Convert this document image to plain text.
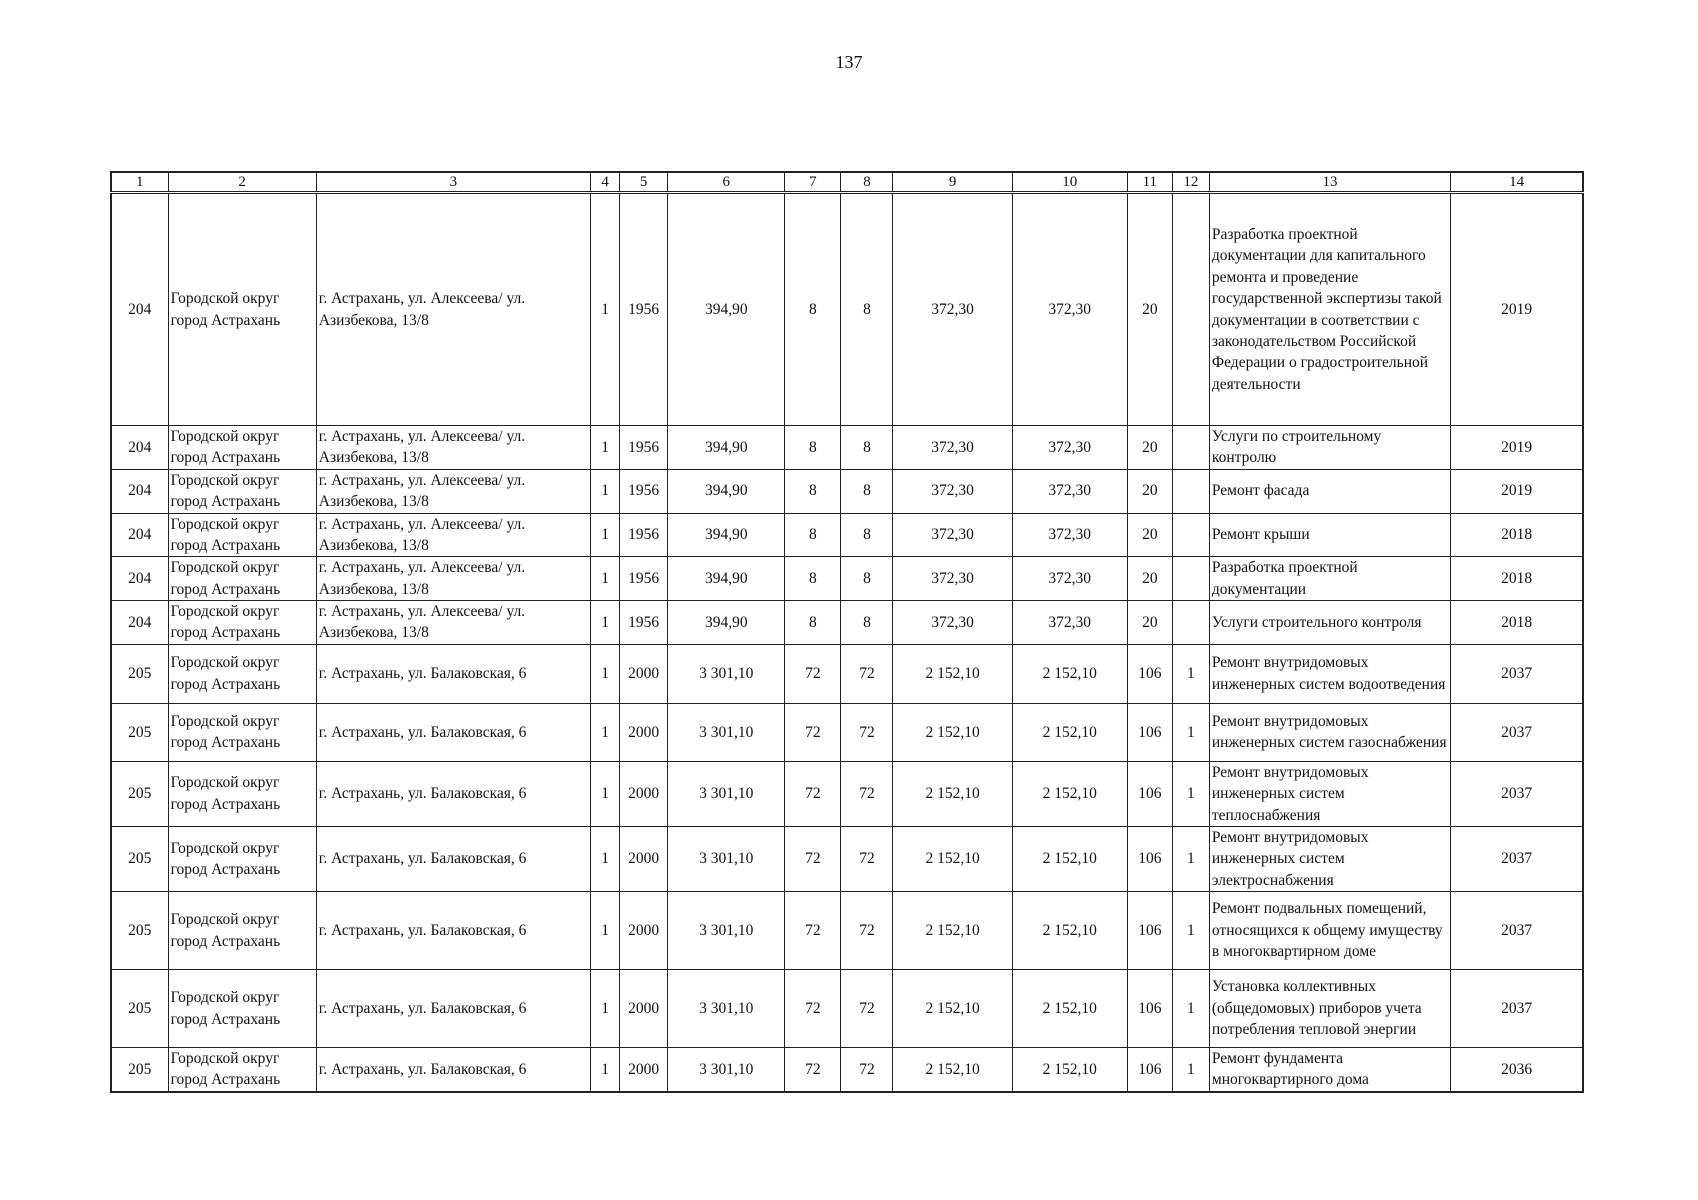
137
1	2	3	4	5	6	7	8	9	10	11	12	13	14
204	Городской округ город Астрахань	г. Астрахань, ул. Алексеева/ ул. Азизбекова, 13/8	1	1956	394,90	8	8	372,30	372,30	20		Разработка проектной документации для капитального ремонта и проведение государственной экспертизы такой документации в соответствии с законодательством Российской Федерации о градостроительной деятельности	2019
204	Городской округ город Астрахань	г. Астрахань, ул. Алексеева/ ул. Азизбекова, 13/8	1	1956	394,90	8	8	372,30	372,30	20		Услуги по строительному контролю	2019
204	Городской округ город Астрахань	г. Астрахань, ул. Алексеева/ ул. Азизбекова, 13/8	1	1956	394,90	8	8	372,30	372,30	20		Ремонт фасада	2019
204	Городской округ город Астрахань	г. Астрахань, ул. Алексеева/ ул. Азизбекова, 13/8	1	1956	394,90	8	8	372,30	372,30	20		Ремонт крыши	2018
204	Городской округ город Астрахань	г. Астрахань, ул. Алексеева/ ул. Азизбекова, 13/8	1	1956	394,90	8	8	372,30	372,30	20		Разработка проектной документации	2018
204	Городской округ город Астрахань	г. Астрахань, ул. Алексеева/ ул. Азизбекова, 13/8	1	1956	394,90	8	8	372,30	372,30	20		Услуги строительного контроля	2018
205	Городской округ город Астрахань	г. Астрахань, ул. Балаковская, 6	1	2000	3 301,10	72	72	2 152,10	2 152,10	106	1	Ремонт внутридомовых инженерных систем водоотведения	2037
205	Городской округ город Астрахань	г. Астрахань, ул. Балаковская, 6	1	2000	3 301,10	72	72	2 152,10	2 152,10	106	1	Ремонт внутридомовых инженерных систем газоснабжения	2037
205	Городской округ город Астрахань	г. Астрахань, ул. Балаковская, 6	1	2000	3 301,10	72	72	2 152,10	2 152,10	106	1	Ремонт внутридомовых инженерных систем теплоснабжения	2037
205	Городской округ город Астрахань	г. Астрахань, ул. Балаковская, 6	1	2000	3 301,10	72	72	2 152,10	2 152,10	106	1	Ремонт внутридомовых инженерных систем электроснабжения	2037
205	Городской округ город Астрахань	г. Астрахань, ул. Балаковская, 6	1	2000	3 301,10	72	72	2 152,10	2 152,10	106	1	Ремонт подвальных помещений, относящихся к общему имуществу в многоквартирном доме	2037
205	Городской округ город Астрахань	г. Астрахань, ул. Балаковская, 6	1	2000	3 301,10	72	72	2 152,10	2 152,10	106	1	Установка коллективных (общедомовых) приборов учета потребления тепловой энергии	2037
205	Городской округ город Астрахань	г. Астрахань, ул. Балаковская, 6	1	2000	3 301,10	72	72	2 152,10	2 152,10	106	1	Ремонт фундамента многоквартирного дома	2036
